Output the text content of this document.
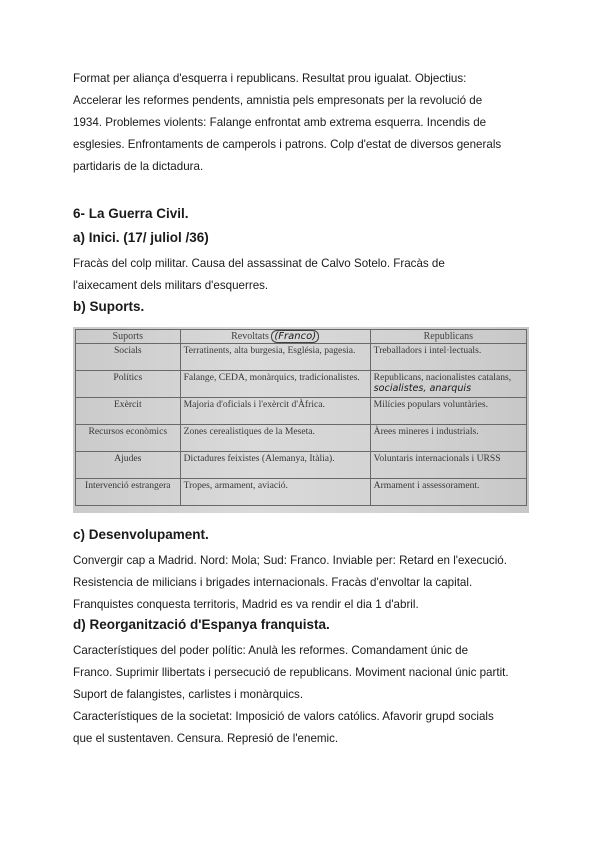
Format per aliança d'esquerra i republicans. Resultat prou igualat. Objectius:
Accelerar les reformes pendents, amnistia pels empresonats per la revolució de
1934. Problemes violents: Falange enfrontat amb extrema esquerra. Incendis de
esglesies. Enfrontaments de camperols i patrons. Colp d'estat de diversos generals
partidaris de la dictadura.
6- La Guerra Civil.
a) Inici. (17/ juliol /36)
Fracàs del colp militar. Causa del assassinat de Calvo Sotelo. Fracàs de
l'aixecament dels militars d'esquerres.
b) Suports.
c) Desenvolupament.
Convergir cap a Madrid. Nord: Mola; Sud: Franco. Inviable per: Retard en l'execució.
Resistencia de milicians i brigades internacionals. Fracàs d'envoltar la capital.
Franquistes conquesta territoris, Madrid es va rendir el dia 1 d'abril.
d) Reorganització d'Espanya franquista.
Característiques del poder polític: Anulà les reformes. Comandament únic de
Franco. Suprimir llibertats i persecució de republicans. Moviment nacional únic partit.
Suport de falangistes, carlistes i monàrquics.
Característiques de la societat: Imposició de valors católics. Afavorir grupd socials
que el sustentaven. Censura. Represió de l'enemic.
Suports	Revoltats (Franco)	Republicans
Socials	Terratinents, alta burgesia, Església, pagesia.	Treballadors i intel·lectuals.
Polítics	Falange, CEDA, monàrquics, tradicionalistes.	Republicans, nacionalistes catalans, socialistes, anarquis
Exèrcit	Majoria d'oficials i l'exèrcit d'Àfrica.	Milícies populars voluntàries.
Recursos econòmics	Zones cerealistiques de la Meseta.	Àrees mineres i industrials.
Ajudes	Dictadures feixistes (Alemanya, Itàlia).	Voluntaris internacionals i URSS
Intervenció estrangera	Tropes, armament, aviació.	Armament i assessorament.
